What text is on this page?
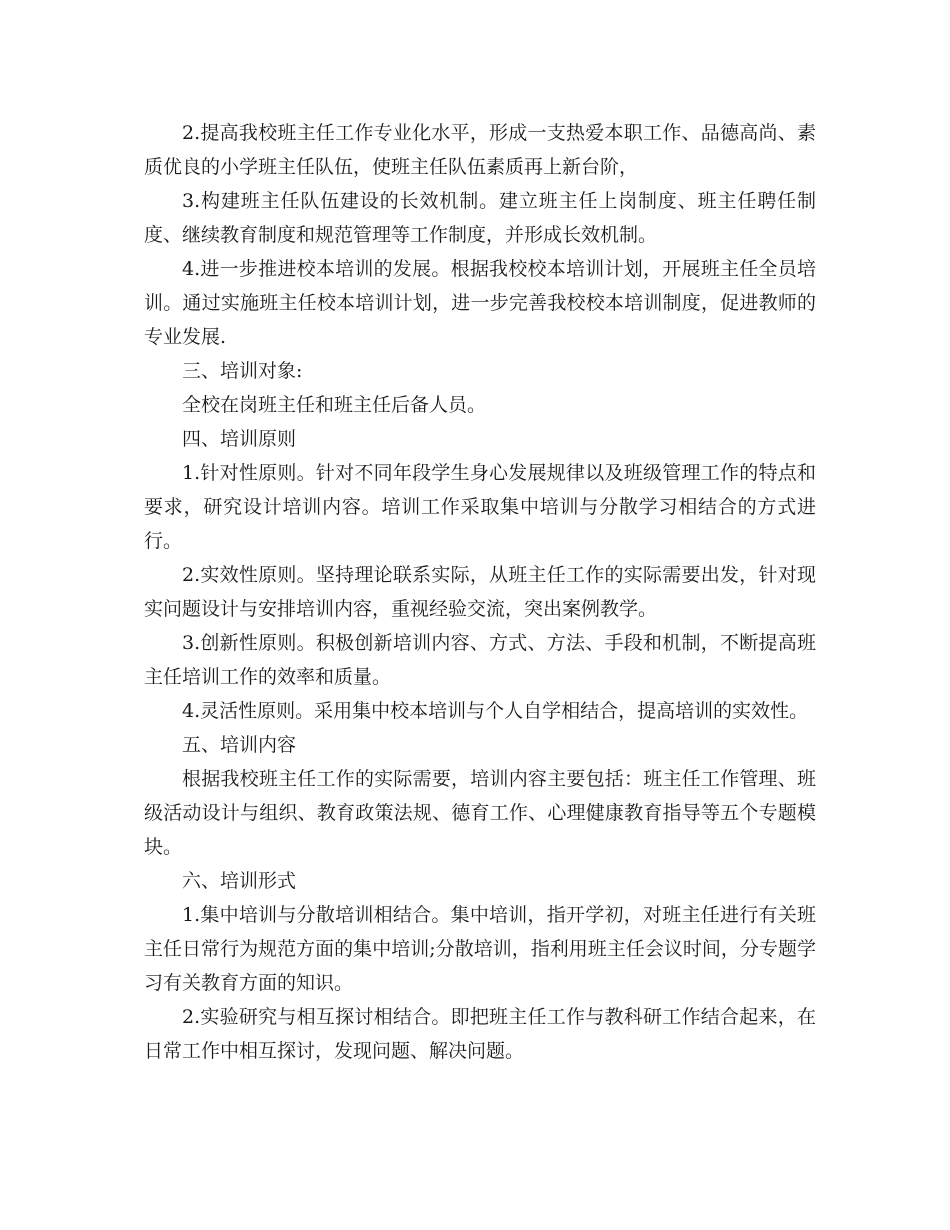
2.提高我校班主任工作专业化水平，形成一支热爱本职工作、品德高尚、素质优良的小学班主任队伍，使班主任队伍素质再上新台阶，

3.构建班主任队伍建设的长效机制。建立班主任上岗制度、班主任聘任制度、继续教育制度和规范管理等工作制度，并形成长效机制。

4.进一步推进校本培训的发展。根据我校校本培训计划，开展班主任全员培训。通过实施班主任校本培训计划，进一步完善我校校本培训制度，促进教师的专业发展.

三、培训对象:

全校在岗班主任和班主任后备人员。

四、培训原则

1.针对性原则。针对不同年段学生身心发展规律以及班级管理工作的特点和要求，研究设计培训内容。培训工作采取集中培训与分散学习相结合的方式进行。

2.实效性原则。坚持理论联系实际，从班主任工作的实际需要出发，针对现实问题设计与安排培训内容，重视经验交流，突出案例教学。

3.创新性原则。积极创新培训内容、方式、方法、手段和机制，不断提高班主任培训工作的效率和质量。

4.灵活性原则。采用集中校本培训与个人自学相结合，提高培训的实效性。

五、培训内容

根据我校班主任工作的实际需要，培训内容主要包括：班主任工作管理、班级活动设计与组织、教育政策法规、德育工作、心理健康教育指导等五个专题模块。

六、培训形式

1.集中培训与分散培训相结合。集中培训，指开学初，对班主任进行有关班主任日常行为规范方面的集中培训;分散培训，指利用班主任会议时间，分专题学习有关教育方面的知识。

2.实验研究与相互探讨相结合。即把班主任工作与教科研工作结合起来，在日常工作中相互探讨，发现问题、解决问题。
